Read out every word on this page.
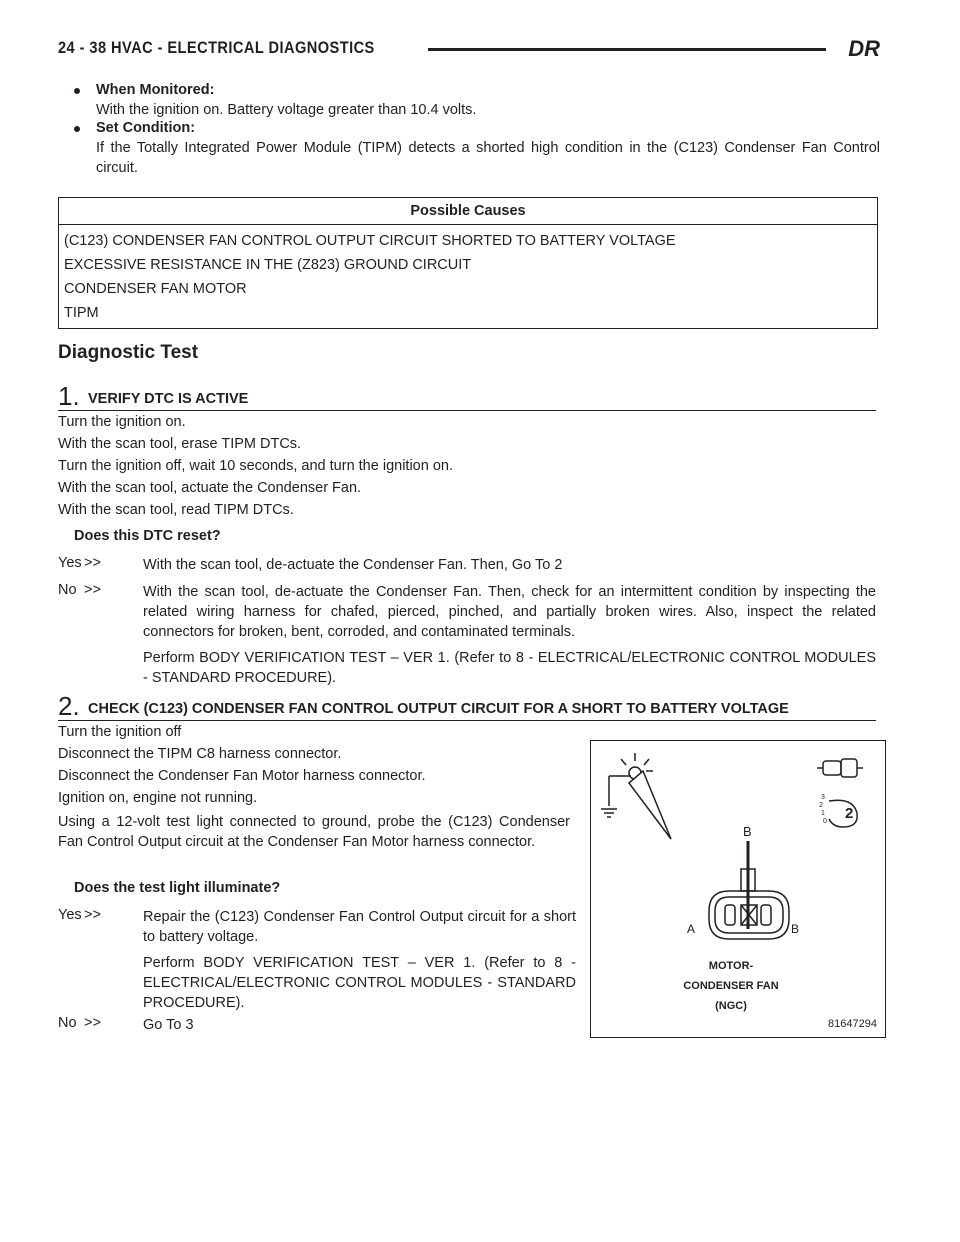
24 - 38 HVAC - ELECTRICAL DIAGNOSTICS	DR
When Monitored:
With the ignition on. Battery voltage greater than 10.4 volts.
Set Condition:
If the Totally Integrated Power Module (TIPM) detects a shorted high condition in the (C123) Condenser Fan Control circuit.
Possible Causes
(C123) CONDENSER FAN CONTROL OUTPUT CIRCUIT SHORTED TO BATTERY VOLTAGE
EXCESSIVE RESISTANCE IN THE (Z823) GROUND CIRCUIT
CONDENSER FAN MOTOR
TIPM
Diagnostic Test
1. VERIFY DTC IS ACTIVE
Turn the ignition on.
With the scan tool, erase TIPM DTCs.
Turn the ignition off, wait 10 seconds, and turn the ignition on.
With the scan tool, actuate the Condenser Fan.
With the scan tool, read TIPM DTCs.
Does this DTC reset?
Yes >>	With the scan tool, de-actuate the Condenser Fan. Then, Go To 2

No >>	With the scan tool, de-actuate the Condenser Fan. Then, check for an intermittent condition by inspecting the related wiring harness for chafed, pierced, pinched, and partially broken wires. Also, inspect the related connectors for broken, bent, corroded, and contaminated terminals.

Perform BODY VERIFICATION TEST – VER 1. (Refer to 8 - ELECTRICAL/ELECTRONIC CONTROL MODULES - STANDARD PROCEDURE).

2. CHECK (C123) CONDENSER FAN CONTROL OUTPUT CIRCUIT FOR A SHORT TO BATTERY VOLTAGE
Turn the ignition off
Disconnect the TIPM C8 harness connector.
Disconnect the Condenser Fan Motor harness connector.
Ignition on, engine not running.
Using a 12-volt test light connected to ground, probe the (C123) Condenser Fan Control Output circuit at the Condenser Fan Motor harness connector.
Does the test light illuminate?
Yes >>	Repair the (C123) Condenser Fan Control Output circuit for a short to battery voltage.

Perform BODY VERIFICATION TEST – VER 1. (Refer to 8 - ELECTRICAL/ELECTRONIC CONTROL MODULES - STANDARD PROCEDURE).

No >>	Go To 3

3
2
1
0 2
B
A	B
MOTOR-
CONDENSER FAN
(NGC)
81647294
